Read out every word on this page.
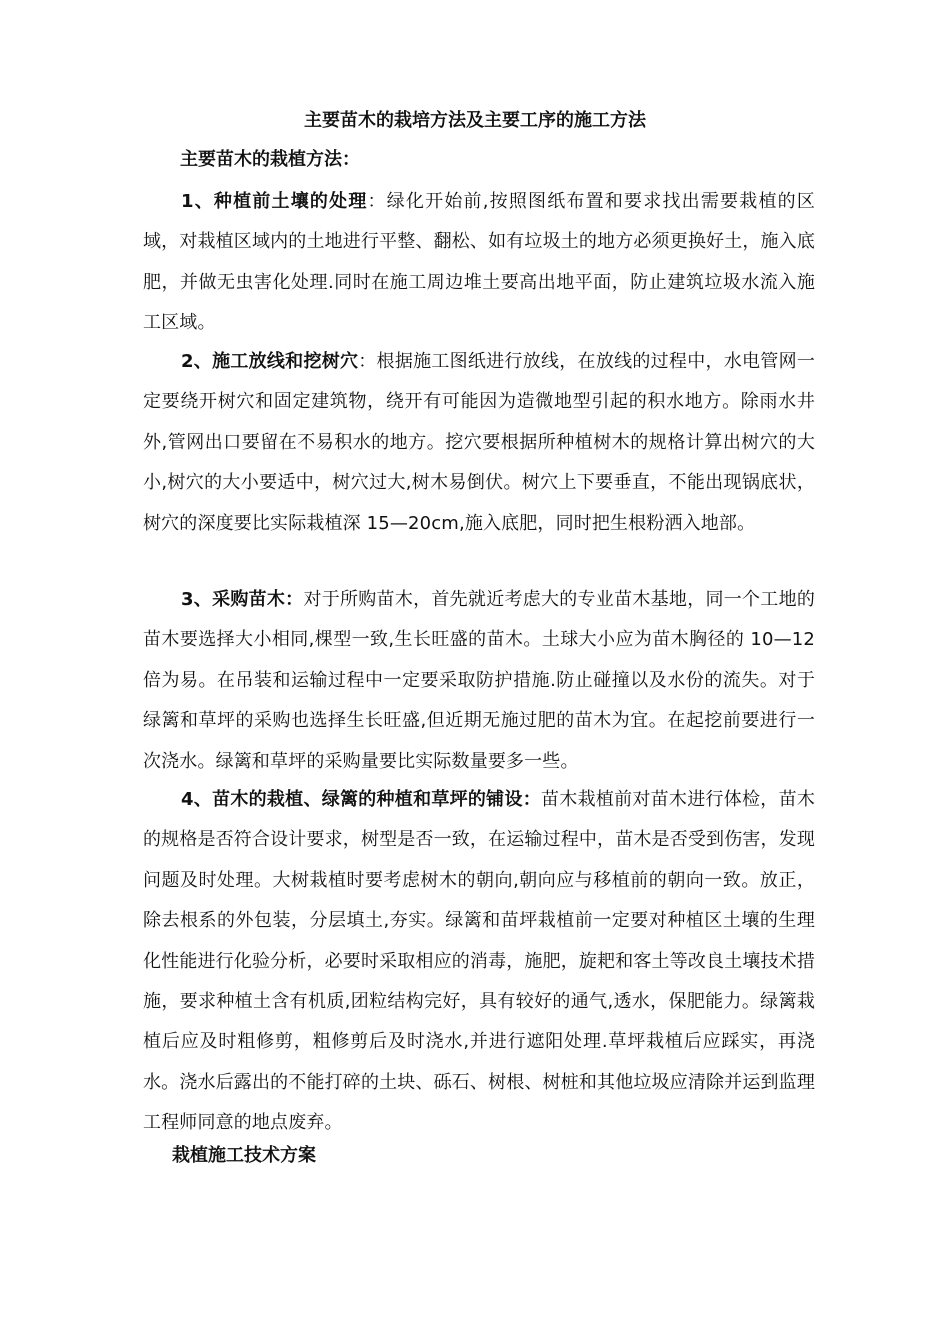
主要苗木的栽培方法及主要工序的施工方法
主要苗木的栽植方法：

1、种植前土壤的处理：绿化开始前,按照图纸布置和要求找出需要栽植的区域，对栽植区域内的土地进行平整、翻松、如有垃圾土的地方必须更换好土，施入底肥，并做无虫害化处理.同时在施工周边堆土要高出地平面，防止建筑垃圾水流入施工区域。

2、施工放线和挖树穴：根据施工图纸进行放线，在放线的过程中，水电管网一定要绕开树穴和固定建筑物，绕开有可能因为造微地型引起的积水地方。除雨水井外,管网出口要留在不易积水的地方。挖穴要根据所种植树木的规格计算出树穴的大小,树穴的大小要适中，树穴过大,树木易倒伏。树穴上下要垂直，不能出现锅底状，树穴的深度要比实际栽植深 15—20cm,施入底肥，同时把生根粉洒入地部。

3、采购苗木：对于所购苗木，首先就近考虑大的专业苗木基地，同一个工地的苗木要选择大小相同,棵型一致,生长旺盛的苗木。土球大小应为苗木胸径的 10—12 倍为易。在吊装和运输过程中一定要采取防护措施.防止碰撞以及水份的流失。对于绿篱和草坪的采购也选择生长旺盛,但近期无施过肥的苗木为宜。在起挖前要进行一次浇水。绿篱和草坪的采购量要比实际数量要多一些。

4、苗木的栽植、绿篱的种植和草坪的铺设：苗木栽植前对苗木进行体检，苗木的规格是否符合设计要求，树型是否一致，在运输过程中，苗木是否受到伤害，发现问题及时处理。大树栽植时要考虑树木的朝向,朝向应与移植前的朝向一致。放正，除去根系的外包装，分层填土,夯实。绿篱和苗坪栽植前一定要对种植区土壤的生理化性能进行化验分析，必要时采取相应的消毒，施肥，旋耙和客土等改良土壤技术措施，要求种植土含有机质,团粒结构完好，具有较好的通气,透水，保肥能力。绿篱栽植后应及时粗修剪，粗修剪后及时浇水,并进行遮阳处理.草坪栽植后应踩实，再浇水。浇水后露出的不能打碎的土块、砾石、树根、树桩和其他垃圾应清除并运到监理工程师同意的地点废弃。

栽植施工技术方案
